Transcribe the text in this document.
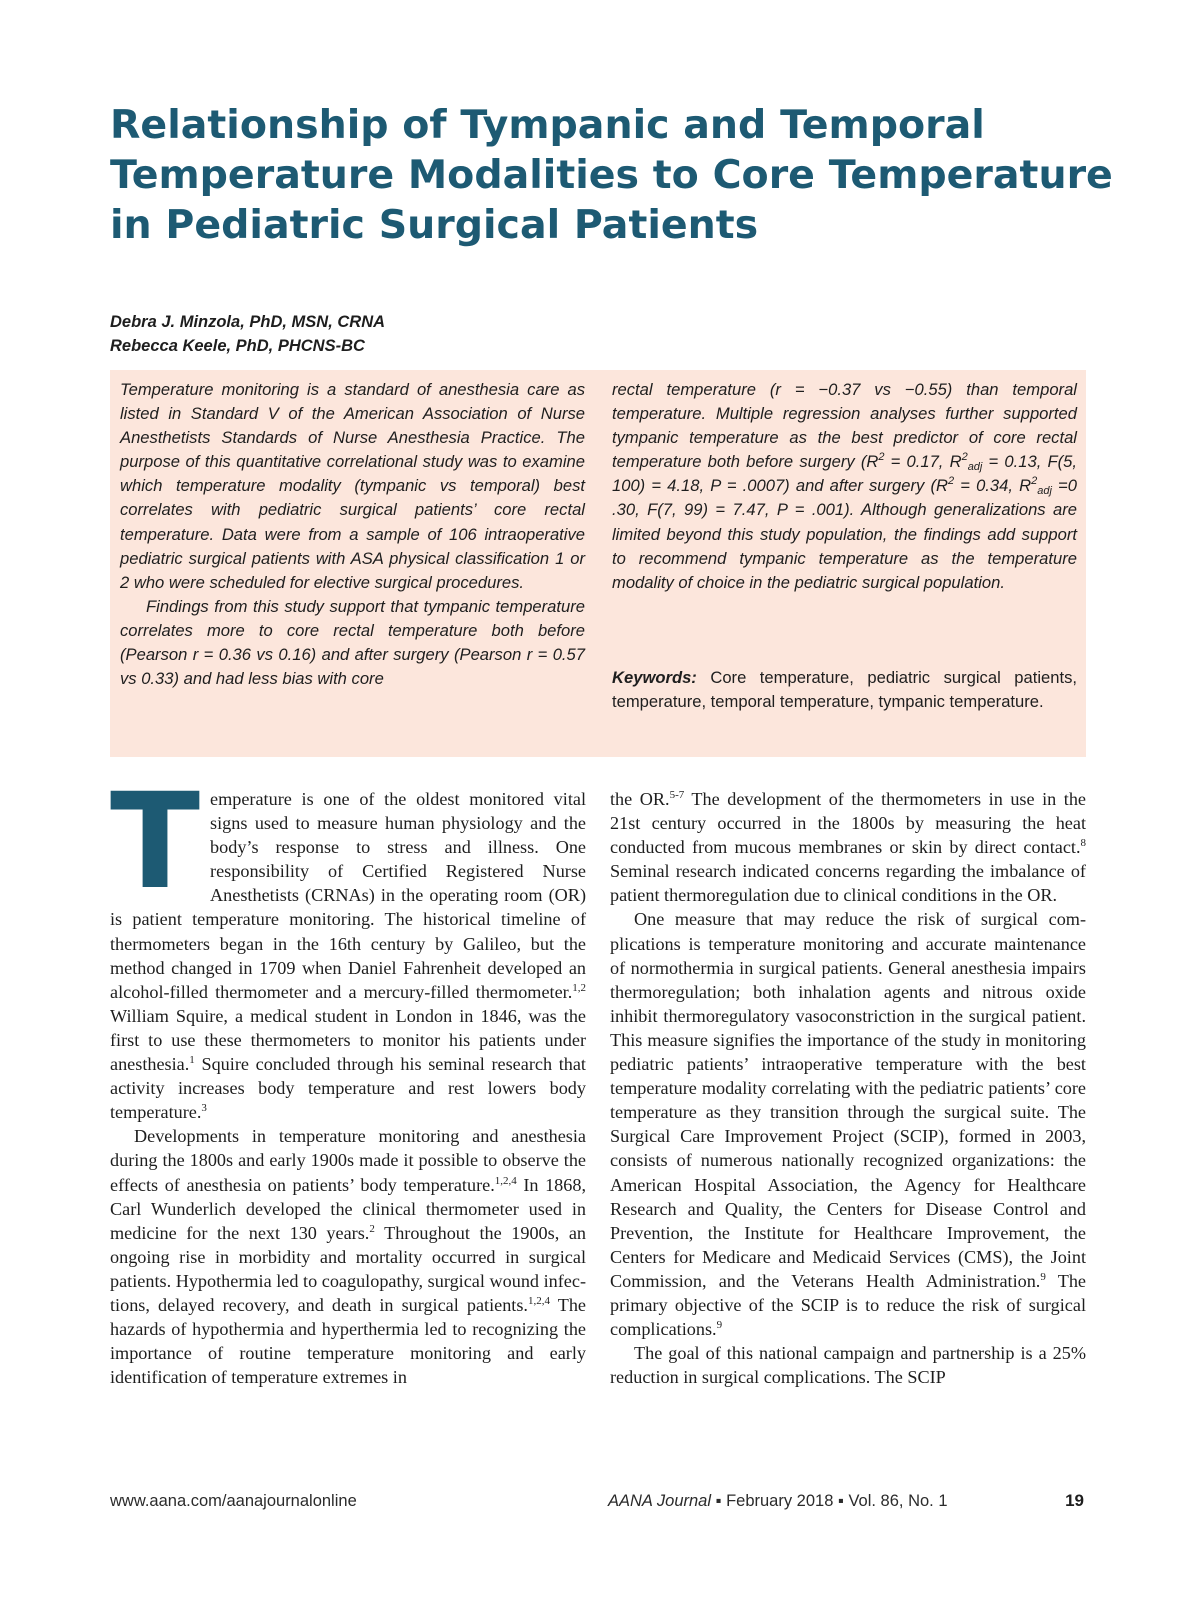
Relationship of Tympanic and Temporal
Temperature Modalities to Core Temperature
in Pediatric Surgical Patients
Debra J. Minzola, PhD, MSN, CRNA
Rebecca Keele, PhD, PHCNS-BC

Temperature monitoring is a standard of anesthesia care as listed in Standard V of the American Association of Nurse Anesthetists Standards of Nurse Anesthesia Practice. The purpose of this quantitative correlational study was to examine which temperature modality (tympanic vs temporal) best correlates with pediatric surgical patients’ core rectal temperature. Data were from a sample of 106 intraoperative pediatric surgical patients with ASA physical classification 1 or 2 who were scheduled for elective surgical procedures.

Findings from this study support that tympanic temperature correlates more to core rectal temperature both before (Pearson r = 0.36 vs 0.16) and after surgery (Pearson r = 0.57 vs 0.33) and had less bias with core

rectal temperature (r = −0.37 vs −0.55) than temporal temperature. Multiple regression analyses further supported tympanic temperature as the best predictor of core rectal temperature both before surgery ($R^2 = 0.17$, $R^2_{adj} = 0.13$, F(5, 100) = 4.18, P = .0007) and after surgery ($R^2 = 0.34$, $R^2_{adj} =0$ .30, F(7, 99) = 7.47, P = .001). Although generalizations are limited beyond this study population, the findings add support to recommend tympanic temperature as the temperature modality of choice in the pediatric surgical population.

Keywords: Core temperature, pediatric surgical patients, temperature, temporal temperature, tympanic temperature.

Temperature is one of the oldest monitored vital signs used to measure human physiology and the body’s response to stress and illness. One responsibility of Certified Registered Nurse Anesthetists (CRNAs) in the operating room (OR) is patient temperature monitoring. The historical timeline of thermometers began in the 16th century by Galileo, but the method changed in 1709 when Daniel Fahrenheit developed an alcohol-filled thermometer and a mercury-filled thermometer.$^{1,2}$ William Squire, a medical student in London in 1846, was the first to use these thermometers to monitor his patients under anesthesia.$^1$ Squire concluded through his seminal research that activity increases body temperature and rest lowers body temperature.$^3$

Developments in temperature monitoring and anesthesia during the 1800s and early 1900s made it possible to observe the effects of anesthesia on patients’ body temperature.$^{1,2,4}$ In 1868, Carl Wunderlich developed the clinical thermometer used in medicine for the next 130 years.$^2$ Throughout the 1900s, an ongoing rise in morbidity and mortality occurred in surgical patients. Hypothermia led to coagulopathy, surgical wound infections, delayed recovery, and death in surgical patients.$^{1,2,4}$ The hazards of hypothermia and hyperthermia led to recognizing the importance of routine temperature monitoring and early identification of temperature extremes in

the OR.$^{5-7}$ The development of the thermometers in use in the 21st century occurred in the 1800s by measuring the heat conducted from mucous membranes or skin by direct contact.$^8$ Seminal research indicated concerns regarding the imbalance of patient thermoregulation due to clinical conditions in the OR.

One measure that may reduce the risk of surgical complications is temperature monitoring and accurate maintenance of normothermia in surgical patients. General anesthesia impairs thermoregulation; both inhalation agents and nitrous oxide inhibit thermoregulatory vasoconstriction in the surgical patient. This measure signifies the importance of the study in monitoring pediatric patients’ intraoperative temperature with the best temperature modality correlating with the pediatric patients’ core temperature as they transition through the surgical suite. The Surgical Care Improvement Project (SCIP), formed in 2003, consists of numerous nationally recognized organizations: the American Hospital Association, the Agency for Healthcare Research and Quality, the Centers for Disease Control and Prevention, the Institute for Healthcare Improvement, the Centers for Medicare and Medicaid Services (CMS), the Joint Commission, and the Veterans Health Administration.$^9$ The primary objective of the SCIP is to reduce the risk of surgical complications.$^9$

The goal of this national campaign and partnership is a 25% reduction in surgical complications. The SCIP

www.aana.com/aanajournalonline	AANA Journal ▪ February 2018 ▪ Vol. 86, No. 1	19
